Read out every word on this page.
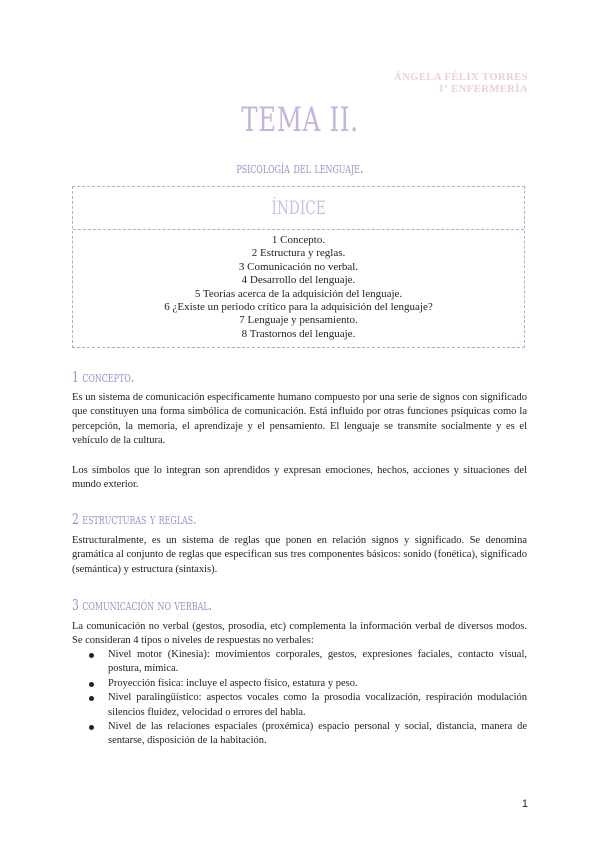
ÁNGELA FÉLIX TORRES
1º ENFERMERÍA
TEMA II.
psicología del lenguaje.
ÍNDICE
1 Concepto.
2 Estructura y reglas.
3 Comunicación no verbal.
4 Desarrollo del lenguaje.
5 Teorías acerca de la adquisición del lenguaje.
6 ¿Existe un periodo crítico para la adquisición del lenguaje?
7 Lenguaje y pensamiento.
8 Trastornos del lenguaje.
1 concepto.

Es un sistema de comunicación específicamente humano compuesto por una serie de signos con significado que constituyen una forma simbólica de comunicación. Está influido por otras funciones psíquicas como la percepción, la memoria, el aprendizaje y el pensamiento. El lenguaje se transmite socialmente y es el vehículo de la cultura.

Los símbolos que lo integran son aprendidos y expresan emociones, hechos, acciones y situaciones del mundo exterior.

2 estructuras y reglas.

Estructuralmente, es un sistema de reglas que ponen en relación signos y significado. Se denomina gramática al conjunto de reglas que especifican sus tres componentes básicos: sonido (fonética), significado (semántica) y estructura (sintaxis).

3 comunicación no verbal.

La comunicación no verbal (gestos, prosodia, etc) complementa la información verbal de diversos modos. Se consideran 4 tipos o niveles de respuestas no verbales:

Nivel motor (Kinesia): movimientos corporales, gestos, expresiones faciales, contacto visual, postura, mímica.
Proyección física: incluye el aspecto físico, estatura y peso.
Nivel paralingüístico: aspectos vocales como la prosodia vocalización, respiración modulación silencios fluidez, velocidad o errores del habla.
Nivel de las relaciones espaciales (proxémica) espacio personal y social, distancia, manera de sentarse, disposición de la habitación.
1
